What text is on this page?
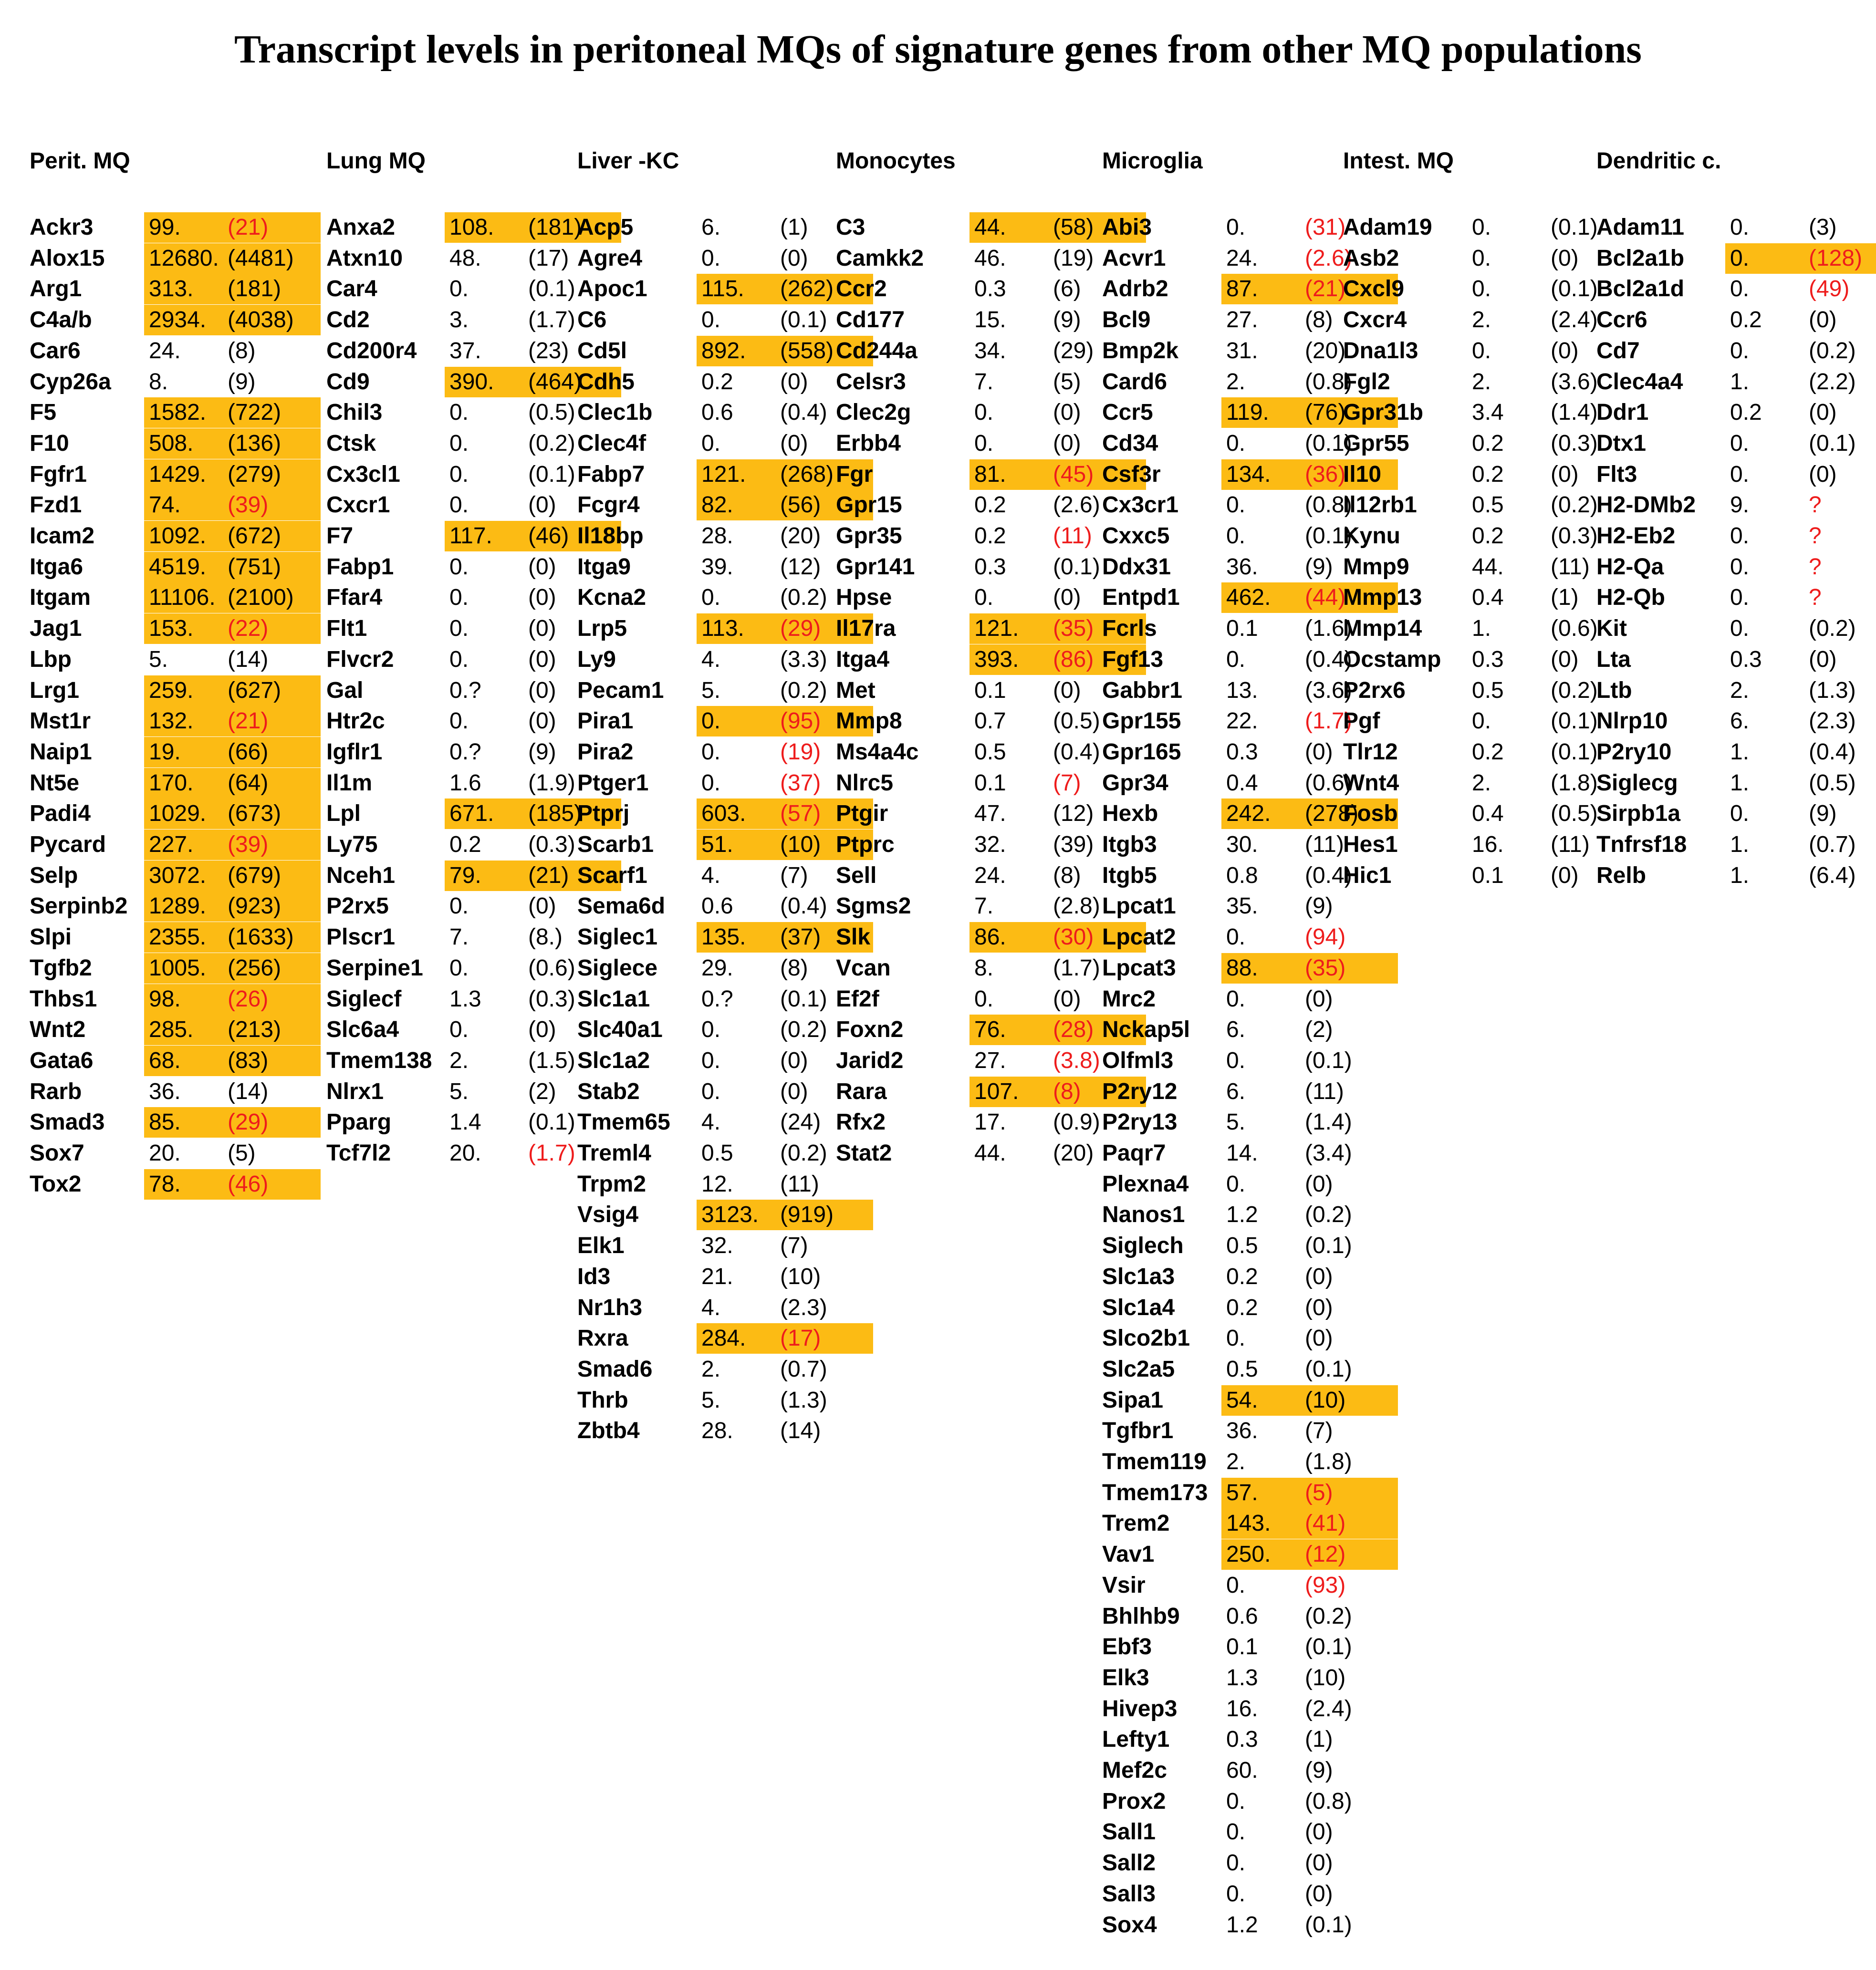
Transcript levels in peritoneal MQs of signature genes from other MQ populations
Perit. MQ
Ackr3 99. (21)
Alox15 12680. (4481)
Arg1	313. (181)
C4a/b 2934. (4038)
Car6	24. (8)
Cyp26a 8.	(9)
F5	1582. (722)
F10	508. (136)
Fgfr1	1429. (279)
Fzd1	74. (39)
Icam2 1092. (672)
Itga6	4519. (751)
Itgam	11106. (2100)
Jag1	153. (22)
Lbp	5.	(14)
Lrg1	259. (627)
Mst1r	132. (21)
Naip1 19. (66)
Nt5e	170. (64)
Padi4	1029. (673)
Pycard 227. (39)
Selp	3072. (679)
Serpinb2 1289. (923)
Slpi	2355. (1633)
Tgfb2 1005. (256)
Thbs1 98. (26)
Wnt2	285. (213)
Gata6 68. (83)
Rarb	36. (14)
Smad3 85. (29)
Sox7	20. (5)
Tox2	78. (46)
Lung MQ
Anxa2 108. (181)
Atxn10 48. (17)
Car4	0.	(0.1)
Cd2	3.	(1.7)
Cd200r4 37. (23)
Cd9	390. (464)
Chil3	0.	(0.5)
Ctsk	0.	(0.2)
Cx3cl1 0.	(0.1)
Cxcr1	0.	(0)
F7	117. (46)
Fabp1 0.	(0)
Ffar4	0.	(0)
Flt1	0.	(0)
Flvcr2 0.	(0)
Gal	0.? (0)
Htr2c	0.	(0)
Igflr1	0.? (9)
Il1m	1.6 (1.9)
Lpl	671. (185)
Ly75	0.2 (0.3)
Nceh1 79. (21)
P2rx5	0.	(0)
Plscr1 7.	(8.)
Serpine1 0.	(0.6)
Siglecf 1.3 (0.3)
Slc6a4 0.	(0)
Tmem138 2.	(1.5)
Nlrx1	5.	(2)
Pparg	1.4 (0.1)
Tcf7l2	20. (1.7)
Liver -KC
Acp5	6.	(1)
Agre4	0.	(0)
Apoc1 115. (262)
C6	0.	(0.1)
Cd5l	892. (558)
Cdh5	0.2 (0)
Clec1b 0.6 (0.4)
Clec4f 0.	(0)
Fabp7 121. (268)
Fcgr4	82. (56)
Il18bp	28. (20)
Itga9	39. (12)
Kcna2 0.	(0.2)
Lrp5	113. (29)
Ly9	4.	(3.3)
Pecam1 5.	(0.2)
Pira1	0.	(95)
Pira2	0.	(19)
Ptger1 0.	(37)
Ptprj	603. (57)
Scarb1 51. (10)
Scarf1 4.	(7)
Sema6d 0.6 (0.4)
Siglec1 135. (37)
Siglece 29. (8)
Slc1a1 0.? (0.1)
Slc40a1 0.	(0.2)
Slc1a2 0.	(0)
Stab2	0.	(0)
Tmem65 4.	(24)
Treml4 0.5 (0.2)
Trpm2 12. (11)
Vsig4	3123. (919)
Elk1	32. (7)
Id3	21. (10)
Nr1h3	4.	(2.3)
Rxra	284. (17)
Smad6 2.	(0.7)
Thrb	5.	(1.3)
Zbtb4	28. (14)
Monocytes
C3	44. (58)
Camkk2 46. (19)
Ccr2	0.3 (6)
Cd177	15. (9)
Cd244a 34. (29)
Celsr3	7.	(5)
Clec2g	0.	(0)
Erbb4	0.	(0)
Fgr	81. (45)
Gpr15	0.2 (2.6)
Gpr35	0.2 (11)
Gpr141	0.3 (0.1)
Hpse	0.	(0)
Il17ra	121. (35)
Itga4	393. (86)
Met	0.1 (0)
Mmp8	0.7 (0.5)
Ms4a4c 0.5 (0.4)
Nlrc5	0.1 (7)
Ptgir	47. (12)
Ptprc	32. (39)
Sell	24. (8)
Sgms2	7.	(2.8)
Slk	86. (30)
Vcan	8.	(1.7)
Ef2f	0.	(0)
Foxn2	76. (28)
Jarid2	27. (3.8)
Rara	107. (8)
Rfx2	17. (0.9)
Stat2	44. (20)
Microglia
Abi3	0.	(31)
Acvr1	24. (2.6)
Adrb2	87. (21)
Bcl9	27. (8)
Bmp2k 31. (20)
Card6	2.	(0.8)
Ccr5	119. (76)
Cd34	0.	(0.1)
Csf3r	134. (36)
Cx3cr1 0.	(0.8)
Cxxc5 0.	(0.1)
Ddx31 36. (9)
Entpd1 462. (44)
Fcrls	0.1 (1.6)
Fgf13	0.	(0.4)
Gabbr1 13. (3.6)
Gpr155 22. (1.7)
Gpr165 0.3 (0)
Gpr34	0.4 (0.6)
Hexb	242. (278)
Itgb3	30. (11)
Itgb5	0.8 (0.4)
Lpcat1 35. (9)
Lpcat2 0.	(94)
Lpcat3 88. (35)
Mrc2	0.	(0)
Nckap5l 6.	(2)
Olfml3 0.	(0.1)
P2ry12 6.	(11)
P2ry13 5.	(1.4)
Paqr7	14. (3.4)
Plexna4 0.	(0)
Nanos1 1.2 (0.2)
Siglech 0.5 (0.1)
Slc1a3 0.2 (0)
Slc1a4 0.2 (0)
Slco2b1 0.	(0)
Slc2a5 0.5 (0.1)
Sipa1	54. (10)
Tgfbr1 36. (7)
Tmem119 2.	(1.8)
Tmem173 57. (5)
Trem2 143. (41)
Vav1	250. (12)
Vsir	0.	(93)
Bhlhb9 0.6 (0.2)
Ebf3	0.1 (0.1)
Elk3	1.3 (10)
Hivep3 16. (2.4)
Lefty1 0.3 (1)
Mef2c	60. (9)
Prox2	0.	(0.8)
Sall1	0.	(0)
Sall2	0.	(0)
Sall3	0.	(0)
Sox4	1.2 (0.1)
Intest. MQ
Adam19 0.	(0.1)
Asb2	0.	(0)
Cxcl9	0.	(0.1)
Cxcr4	2.	(2.4)
Dna1l3 0.	(0)
Fgl2	2.	(3.6)
Gpr31b 3.4 (1.4)
Gpr55	0.2 (0.3)
Il10	0.2 (0)
Il12rb1 0.5 (0.2)
Kynu	0.2 (0.3)
Mmp9	44. (11)
Mmp13 0.4 (1)
Mmp14 1.	(0.6)
Ocstamp 0.3 (0)
P2rx6	0.5 (0.2)
Pgf	0.	(0.1)
Tlr12	0.2 (0.1)
Wnt4	2.	(1.8)
Fosb	0.4 (0.5)
Hes1	16. (11)
Hic1	0.1 (0)
Dendritic c.
Adam11 0.	(3)
Bcl2a1b 0.	(128)
Bcl2a1d 0.	(49)
Ccr6	0.2 (0)
Cd7	0.	(0.2)
Clec4a4 1.	(2.2)
Ddr1	0.2 (0)
Dtx1	0.	(0.1)
Flt3	0.	(0)
H2-DMb2 9.	?
H2-Eb2 0.	?
H2-Qa	0.	?
H2-Qb	0.	?
Kit	0.	(0.2)
Lta	0.3 (0)
Ltb	2.	(1.3)
Nlrp10	6.	(2.3)
P2ry10	1.	(0.4)
Siglecg 1.	(0.5)
Sirpb1a 0.	(9)
Tnfrsf18 1.	(0.7)
Relb	1.	(6.4)
